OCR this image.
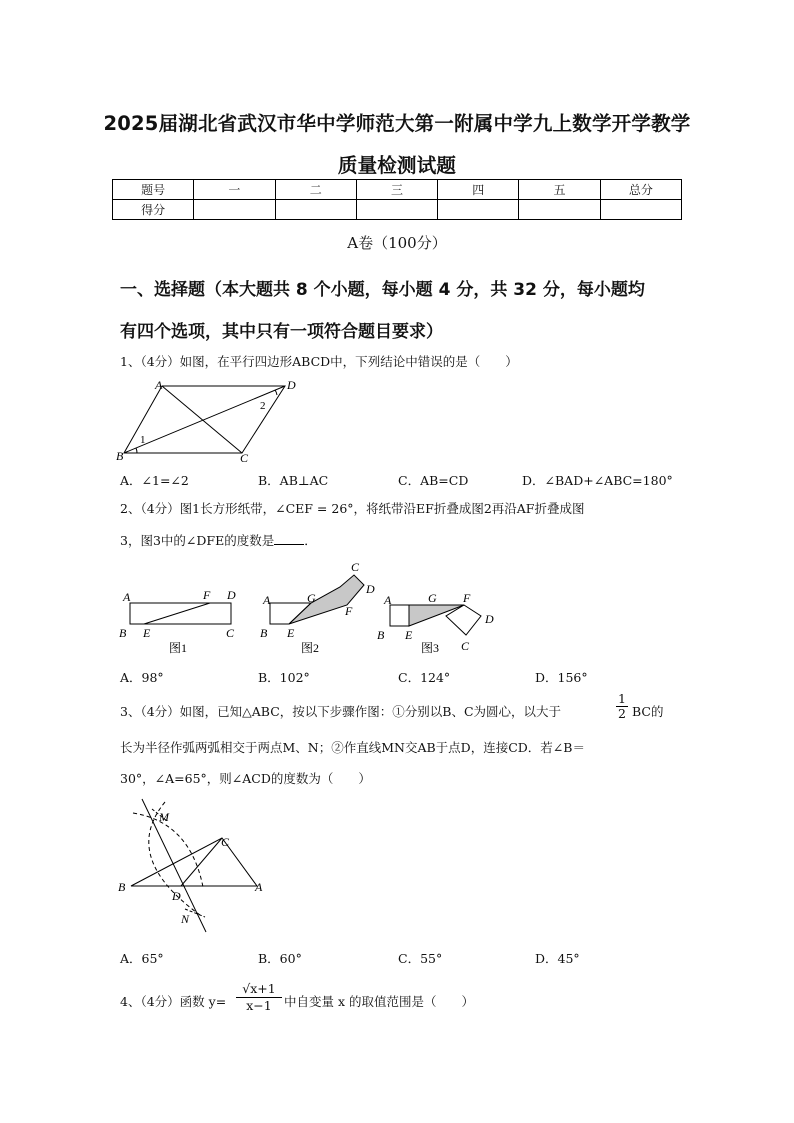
2025届湖北省武汉市华中学师范大第一附属中学九上数学开学教学
质量检测试题
题号	一	二	三	四	五	总分
得分						
A卷（100分）
一、选择题（本大题共 8 个小题，每小题 4 分，共 32 分，每小题均
有四个选项，其中只有一项符合题目要求）
1、（4分）如图，在平行四边形ABCD中，下列结论中错误的是（　　）
A	D
B	C
1
2
A．∠1=∠2	B．AB⊥AC	C．AB=CD	D．∠BAD+∠ABC=180°
2、（4分）图1长方形纸带，∠CEF = 26°，将纸带沿EF折叠成图2再沿AF折叠成图
3，图3中的∠DFE的度数是 ．
A	F D
B E	C
A	G
C
D
F
B E
A	G F
D
B E
C
图1	图2	图3
A．98°	B．102°	C．124°	D．156°
3、（4分）如图，已知△ABC，按以下步骤作图：①分别以B、C为圆心，以大于	$\frac{1}{2}$ BC的
长为半径作弧两弧相交于两点M、N；②作直线MN交AB于点D，连接CD．若∠B＝
30°，∠A=65°，则∠ACD的度数为（　　）
M
C
B
D
A
N
A．65°	B．60°	C．55°	D．45°
4、（4分）函数 $y= \frac{√x+1}{x-1}$ 中自变量 x 的取值范围是（　　）
